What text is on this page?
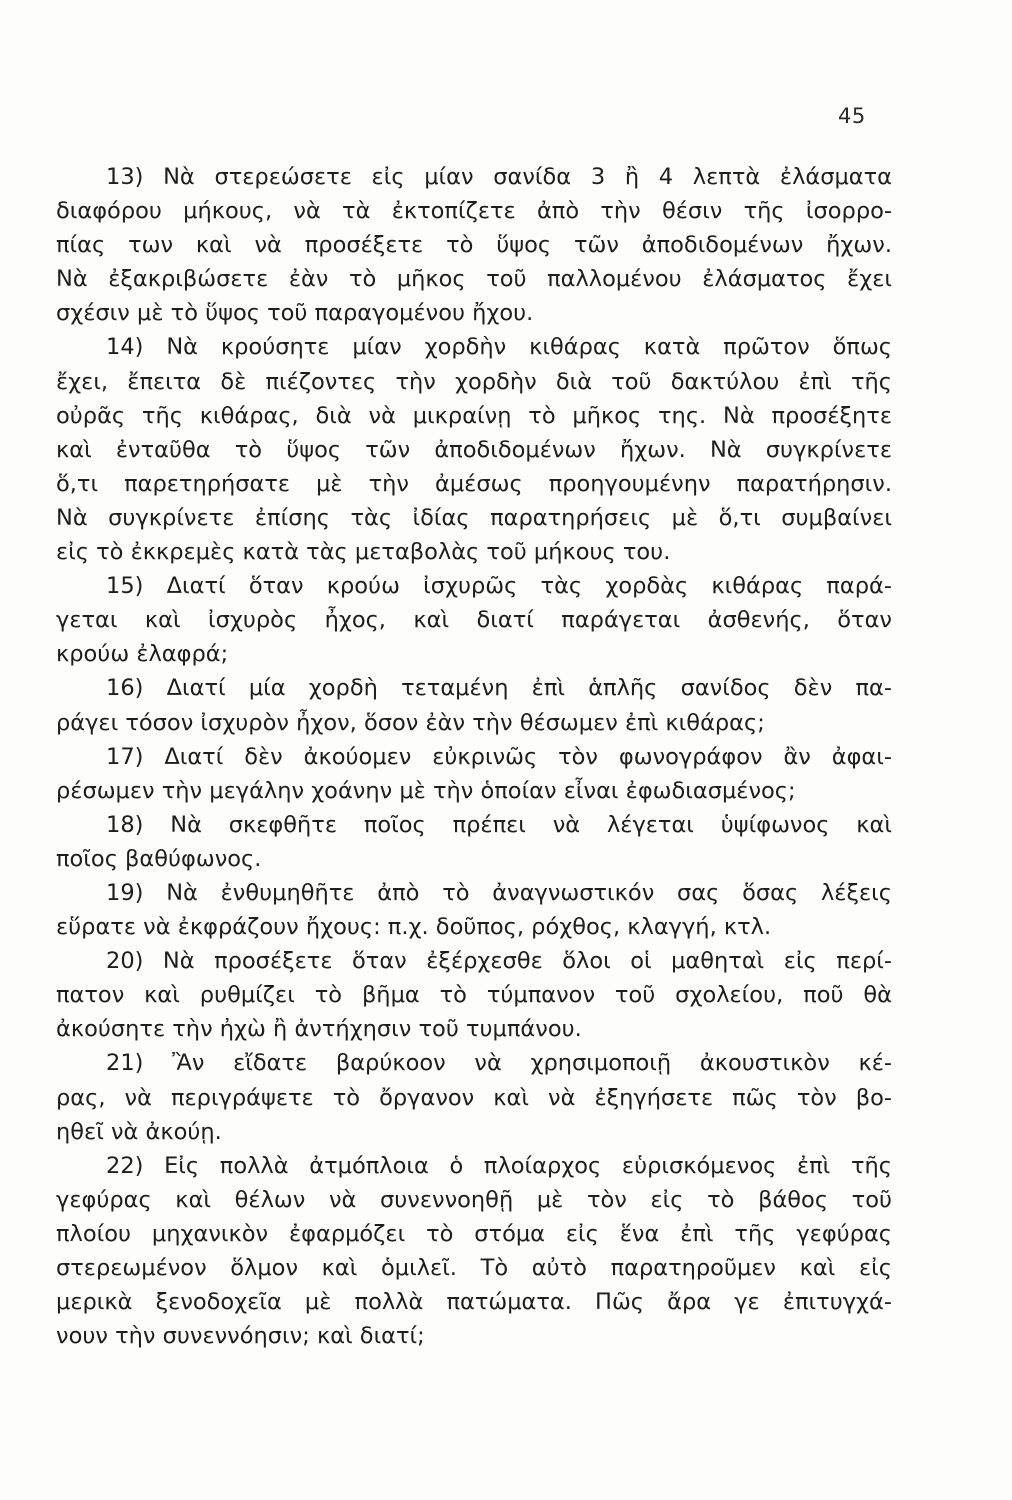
45
13) Νὰ στερεώσετε εἰς μίαν σανίδα 3 ἢ 4 λεπτὰ ἐλάσματα
διαφόρου μήκους, νὰ τὰ ἐκτοπίζετε ἀπὸ τὴν θέσιν τῆς ἰσορρο-
πίας των καὶ νὰ προσέξετε τὸ ὕψος τῶν ἀποδιδομένων ἤχων.
Νὰ ἐξακριβώσετε ἐὰν τὸ μῆκος τοῦ παλλομένου ἐλάσματος ἔχει
σχέσιν μὲ τὸ ὕψος τοῦ παραγομένου ἤχου.
14) Νὰ κρούσητε μίαν χορδὴν κιθάρας κατὰ πρῶτον ὅπως
ἔχει, ἔπειτα δὲ πιέζοντες τὴν χορδὴν διὰ τοῦ δακτύλου ἐπὶ τῆς
οὐρᾶς τῆς κιθάρας, διὰ νὰ μικραίνῃ τὸ μῆκος της. Νὰ προσέξητε
καὶ ἐνταῦθα τὸ ὕψος τῶν ἀποδιδομένων ἤχων. Νὰ συγκρίνετε
ὅ,τι παρετηρήσατε μὲ τὴν ἀμέσως προηγουμένην παρατήρησιν.
Νὰ συγκρίνετε ἐπίσης τὰς ἰδίας παρατηρήσεις μὲ ὅ,τι συμβαίνει
εἰς τὸ ἐκκρεμὲς κατὰ τὰς μεταβολὰς τοῦ μήκους του.
15) Διατί ὅταν κρούω ἰσχυρῶς τὰς χορδὰς κιθάρας παρά-
γεται καὶ ἰσχυρὸς ἦχος, καὶ διατί παράγεται ἀσθενής, ὅταν
κρούω ἐλαφρά;
16) Διατί μία χορδὴ τεταμένη ἐπὶ ἁπλῆς σανίδος δὲν πα-
ράγει τόσον ἰσχυρὸν ἦχον, ὅσον ἐὰν τὴν θέσωμεν ἐπὶ κιθάρας;
17) Διατί δὲν ἀκούομεν εὐκρινῶς τὸν φωνογράφον ἂν ἀφαι-
ρέσωμεν τὴν μεγάλην χοάνην μὲ τὴν ὁποίαν εἶναι ἐφωδιασμένος;
18) Νὰ σκεφθῆτε ποῖος πρέπει νὰ λέγεται ὑψίφωνος καὶ
ποῖος βαθύφωνος.
19) Νὰ ἐνθυμηθῆτε ἀπὸ τὸ ἀναγνωστικόν σας ὅσας λέξεις
εὕρατε νὰ ἐκφράζουν ἤχους: π.χ. δοῦπος, ρόχθος, κλαγγή, κτλ.
20) Νὰ προσέξετε ὅταν ἐξέρχεσθε ὅλοι οἱ μαθηταὶ εἰς περί-
πατον καὶ ρυθμίζει τὸ βῆμα τὸ τύμπανον τοῦ σχολείου, ποῦ θὰ
ἀκούσητε τὴν ἠχὼ ἢ ἀντήχησιν τοῦ τυμπάνου.
21) Ἂν εἴδατε βαρύκοον νὰ χρησιμοποιῇ ἀκουστικὸν κέ-
ρας, νὰ περιγράψετε τὸ ὄργανον καὶ νὰ ἐξηγήσετε πῶς τὸν βο-
ηθεῖ νὰ ἀκούῃ.
22) Εἰς πολλὰ ἀτμόπλοια ὁ πλοίαρχος εὑρισκόμενος ἐπὶ τῆς
γεφύρας καὶ θέλων νὰ συνεννοηθῇ μὲ τὸν εἰς τὸ βάθος τοῦ
πλοίου μηχανικὸν ἐφαρμόζει τὸ στόμα εἰς ἕνα ἐπὶ τῆς γεφύρας
στερεωμένον ὅλμον καὶ ὁμιλεῖ. Τὸ αὐτὸ παρατηροῦμεν καὶ εἰς
μερικὰ ξενοδοχεῖα μὲ πολλὰ πατώματα. Πῶς ἄρα γε ἐπιτυγχά-
νουν τὴν συνεννόησιν; καὶ διατί;
